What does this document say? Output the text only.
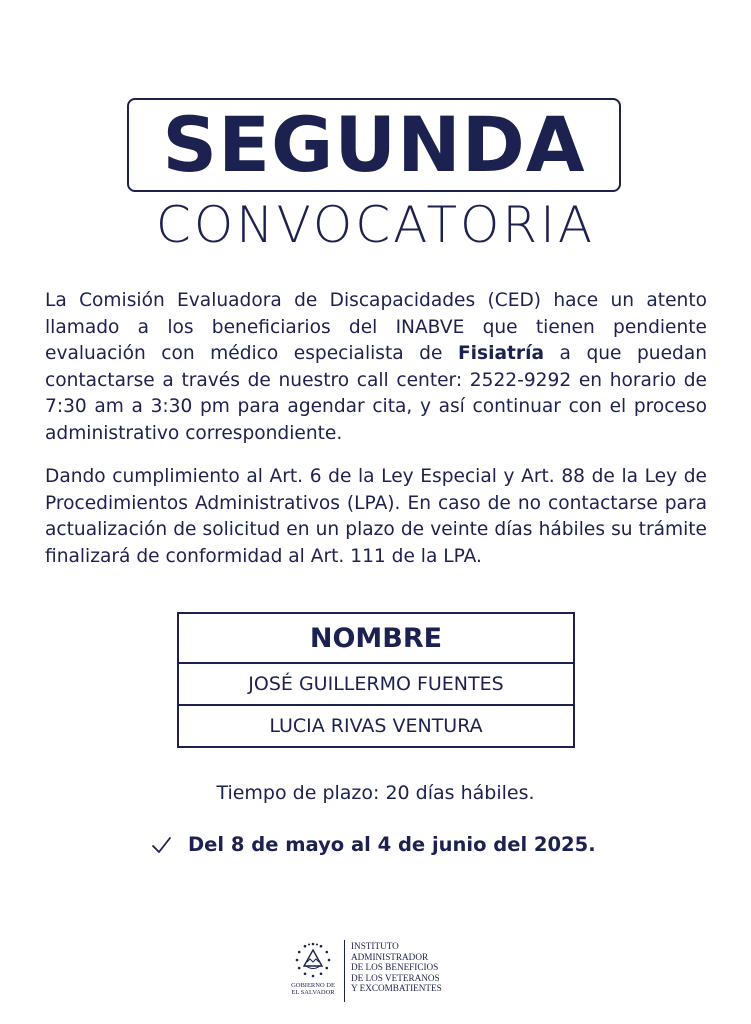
SEGUNDA
CONVOCATORIA

La Comisión Evaluadora de Discapacidades (CED) hace un atento llamado a los beneficiarios del INABVE que tienen pendiente evaluación con médico especialista de Fisiatría a que puedan contactarse a través de nuestro call center: 2522-9292 en horario de 7:30 am a 3:30 pm para agendar cita, y así continuar con el proceso administrativo correspondiente.

Dando cumplimiento al Art. 6 de la Ley Especial y Art. 88 de la Ley de Procedimientos Administrativos (LPA). En caso de no contactarse para actualización de solicitud en un plazo de veinte días hábiles su trámite finalizará de conformidad al Art. 111 de la LPA.

NOMBRE
JOSÉ GUILLERMO FUENTES
LUCIA RIVAS VENTURA
Tiempo de plazo: 20 días hábiles.
Del 8 de mayo al 4 de junio del 2025.
GOBIERNO DE
EL SALVADOR
INSTITUTO
ADMINISTRADOR
DE LOS BENEFICIOS
DE LOS VETERANOS
Y EXCOMBATIENTES
